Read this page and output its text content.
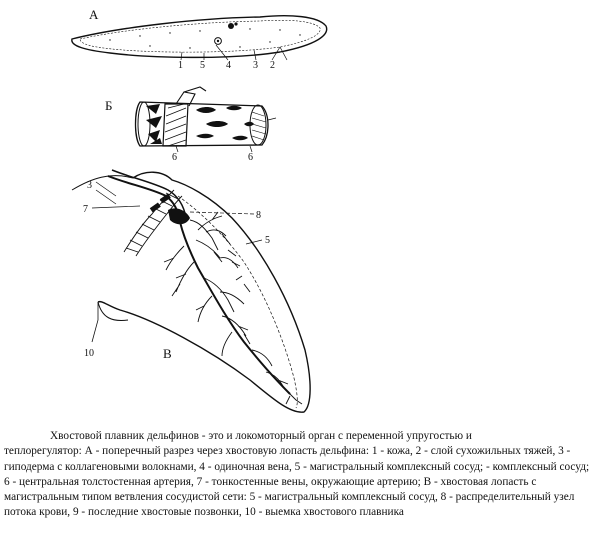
А
1 5 4 3 2
Б
6	6
3
7
8
5
10	В
Хвостовой плавник дельфинов - это и локомоторный орган с переменной упругостью и
теплорегулятор: А - поперечный разрез через хвостовую лопасть дельфина: 1 - кожа, 2 - слой сухожильных тяжей, 3 - гиподерма с коллагеновыми волокнами, 4 - одиночная вена, 5 - магистральный комплексный сосуд; - комплексный сосуд; 6 - центральная толстостенная артерия, 7 - тонкостенные вены, окружающие артерию; В - хвостовая лопасть с магистральным типом ветвления сосудистой сети: 5 - магистральный комплексный сосуд, 8 - распределительный узел потока крови, 9 - последние хвостовые позвонки, 10 - выемка хвостового плавника
